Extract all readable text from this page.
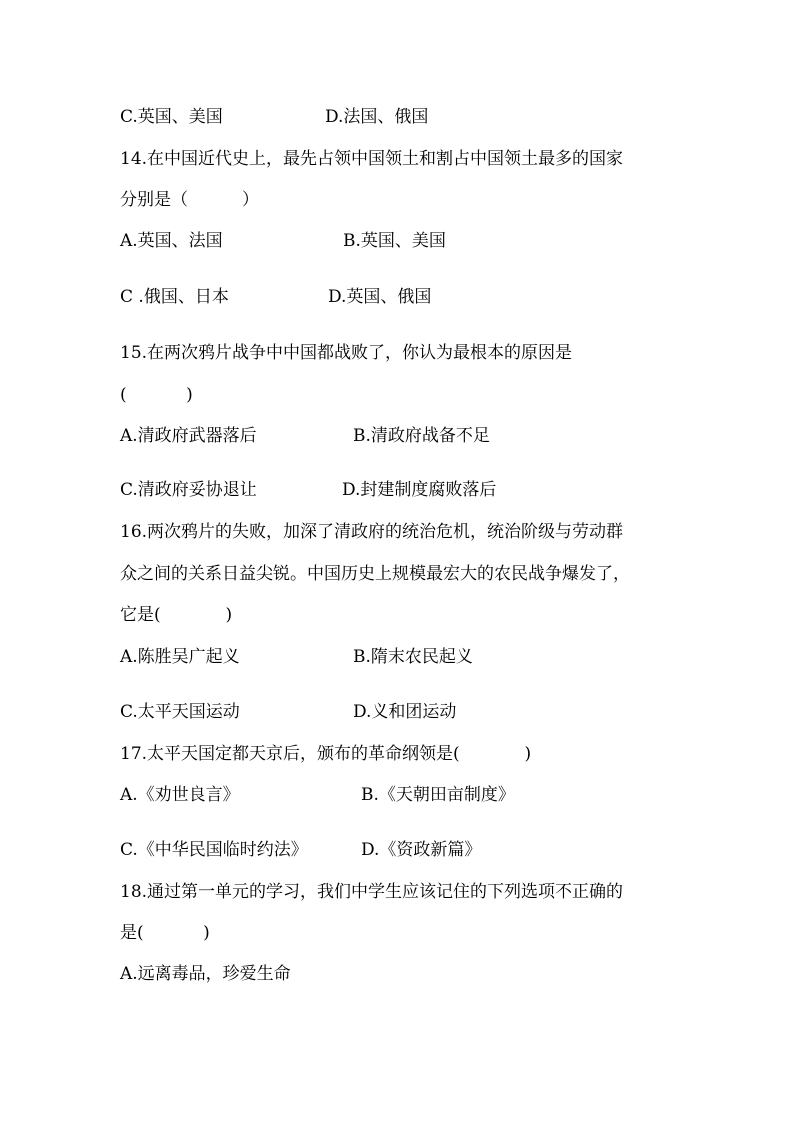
C.英国、美国	D.法国、俄国
14.在中国近代史上，最先占领中国领土和割占中国领土最多的国家
分别是（          ）
A.英国、法国	B.英国、美国
C .俄国、日本	D.英国、俄国
15.在两次鸦片战争中中国都战败了，你认为最根本的原因是
(           )
A.清政府武器落后	B.清政府战备不足
C.清政府妥协退让	D.封建制度腐败落后
16.两次鸦片的失败，加深了清政府的统治危机，统治阶级与劳动群
众之间的关系日益尖锐。中国历史上规模最宏大的农民战争爆发了，
它是(            )
A.陈胜吴广起义	B.隋末农民起义
C.太平天国运动	D.义和团运动
17.太平天国定都天京后，颁布的革命纲领是(            )
A.《劝世良言》	B.《天朝田亩制度》
C.《中华民国临时约法》	D.《资政新篇》
18.通过第一单元的学习，我们中学生应该记住的下列选项不正确的
是(           )
A.远离毒品，珍爱生命
